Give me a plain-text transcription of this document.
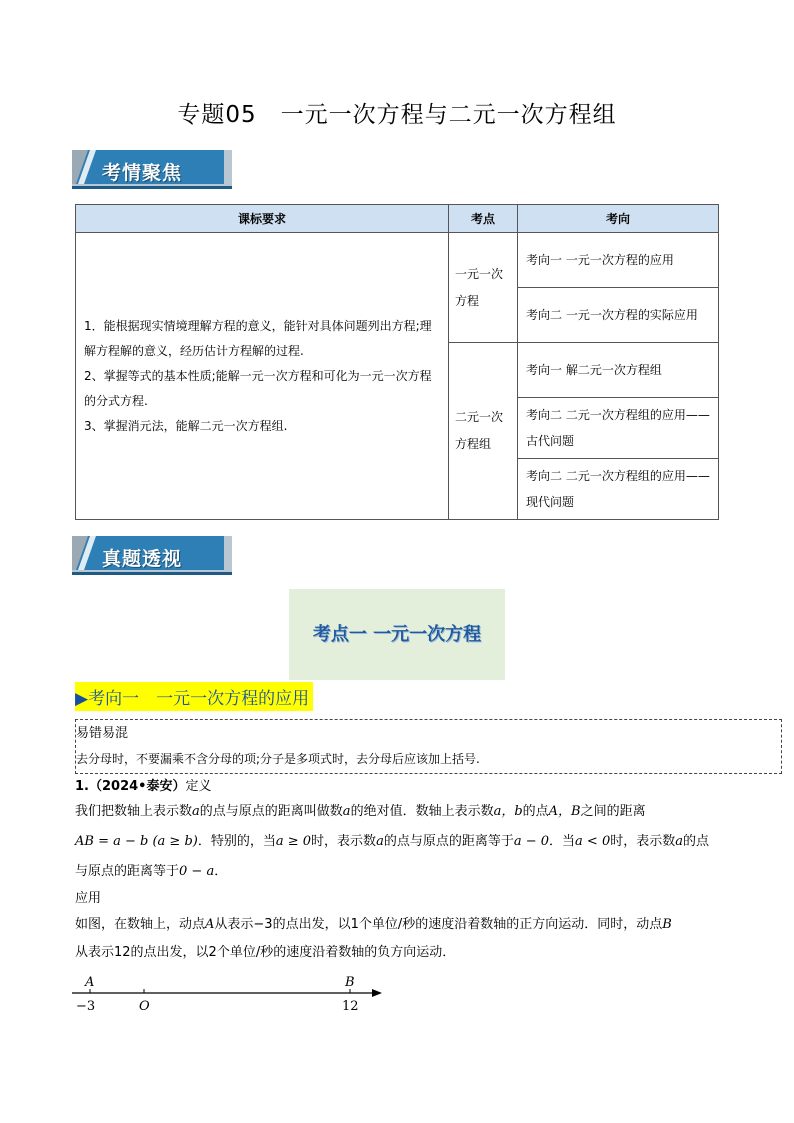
专题05　一元一次方程与二元一次方程组
考情聚焦
课标要求	考点	考向

1．能根据现实情境理解方程的意义，能针对具体问题列出方程;理解方程解的意义，经历估计方程解的过程.
2、掌握等式的基本性质;能解一元一次方程和可化为一元一次方程的分式方程.
3、掌握消元法，能解二元一次方程组.	一元一次方程	考向一 一元一次方程的应用
		考向二 一元一次方程的实际应用
	二元一次方程组	考向一 解二元一次方程组
		考向二 二元一次方程组的应用——古代问题
		考向二 二元一次方程组的应用——现代问题
真题透视
考点一 一元一次方程
▶考向一　一元一次方程的应用
易错易混
去分母时，不要漏乘不含分母的项;分子是多项式时，去分母后应该加上括号.
1.（2024•泰安）定义
我们把数轴上表示数a的点与原点的距离叫做数a的绝对值．数轴上表示数a，b的点A，B之间的距离
AB = a − b (a ≥ b)．特别的，当a ≥ 0时，表示数a的点与原点的距离等于a − 0．当a < 0时，表示数a的点
与原点的距离等于0 − a．
应用
如图，在数轴上，动点A从表示−3的点出发，以1个单位/秒的速度沿着数轴的正方向运动．同时，动点B
从表示12的点出发，以2个单位/秒的速度沿着数轴的负方向运动．
A	B
−3	O	12
